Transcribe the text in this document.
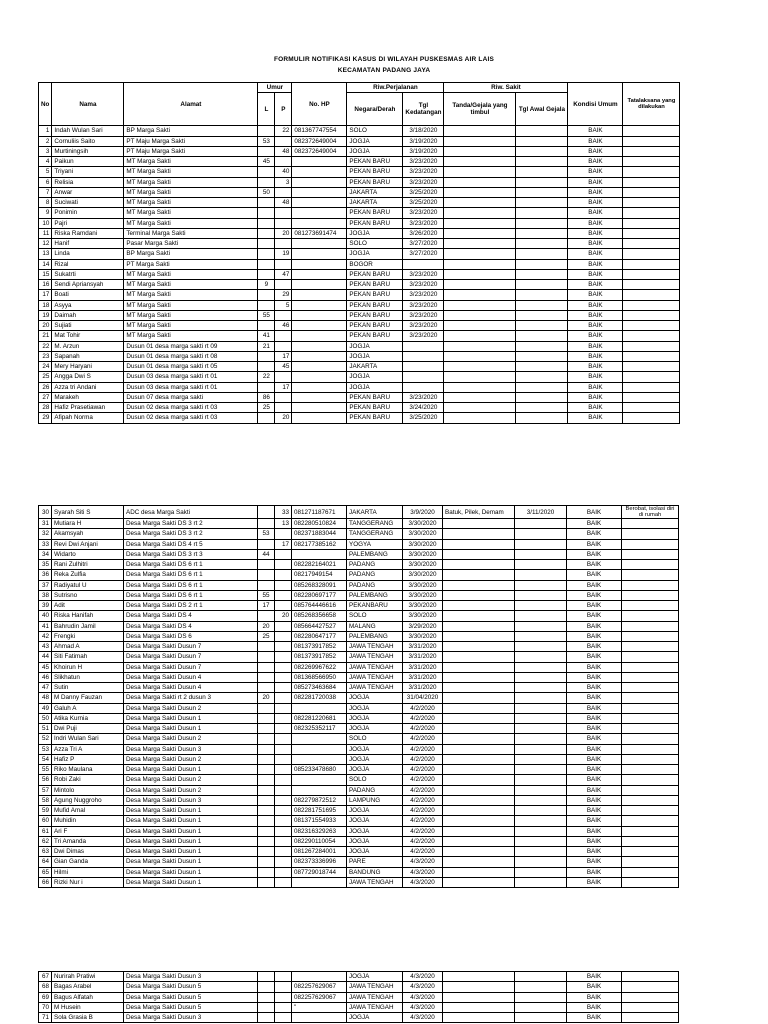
FORMULIR NOTIFIKASI KASUS DI WILAYAH PUSKESMAS AIR LAIS
KECAMATAN PADANG JAYA
No	Nama	Alamat	Umur		No. HP	Riw.Perjalanan		Riw. Sakit		Kondisi Umum	Tatalaksana yang dilakukan
			L	P		Negara/Derah	Tgl Kedatangan	Tanda/Gejala yang timbul	Tgl Awal Gejala		
1	Indah Wulan Sari	BP Marga Sakti		22	081367747554	SOLO	3/18/2020			BAIK	
2	Cornuliis Saito	PT Maju Marga Sakti	53		082372649004	JOGJA	3/19/2020			BAIK	
3	Murtiningsih	PT Maju Marga Sakti		48	082372649004	JOGJA	3/19/2020			BAIK	
4	Paikun	MT Marga Sakti	45			PEKAN BARU	3/23/2020			BAIK	
5	Triyani	MT Marga Sakti		40		PEKAN BARU	3/23/2020			BAIK	
6	Relisia	MT Marga Sakti		3		PEKAN BARU	3/23/2020			BAIK	
7	Anwar	MT Marga Sakti	50			JAKARTA	3/25/2020			BAIK	
8	Suciwati	MT Marga Sakti		48		JAKARTA	3/25/2020			BAIK	
9	Ponimin	MT Marga Sakti				PEKAN BARU	3/23/2020			BAIK	
10	Pajri	MT Marga Sakti				PEKAN BARU	3/23/2020			BAIK	
11	Riska Ramdani	Terminal Marga Sakti		20	081273691474	JOGJA	3/26/2020			BAIK	
12	Hanif	Pasar Marga Sakti				SOLO	3/27/2020			BAIK	
13	Linda	BP Marga Sakti		19		JOGJA	3/27/2020			BAIK	
14	Rizal	PT Marga Sakti				BOGOR				BAIK	
15	Sukatrti	MT Marga Sakti		47		PEKAN BARU	3/23/2020			BAIK	
16	Sendi Apriansyah	MT Marga Sakti	9			PEKAN BARU	3/23/2020			BAIK	
17	Boati	MT Marga Sakti		29		PEKAN BARU	3/23/2020			BAIK	
18	Asyya	MT Marga Sakti		5		PEKAN BARU	3/23/2020			BAIK	
19	Daimah	MT Marga Sakti	55			PEKAN BARU	3/23/2020			BAIK	
20	Sujiati	MT Marga Sakti		46		PEKAN BARU	3/23/2020			BAIK	
21	Mat Tohir	MT Marga Sakti	41			PEKAN BARU	3/23/2020			BAIK	
22	M. Arzun	Dusun 01 desa marga sakti rt 09	21			JOGJA				BAIK	
23	Sapanah	Dusun 01 desa marga sakti rt 08		17		JOGJA				BAIK	
24	Mery Haryani	Dusun 01 desa marga sakti rt 05		45		JAKARTA				BAIK	
25	Angga Dwi S	Dusun 03 desa marga sakti rt 01	22			JOGJA				BAIK	
26	Azza tri Andani	Dusun 03 desa marga sakti rt 01		17		JOGJA				BAIK	
27	Marakeh	Dusun 07 desa marga sakti	86			PEKAN BARU	3/23/2020			BAIK	
28	Hafiz Prasetiawan	Dusun 02 desa marga sakti rt 03	25			PEKAN BARU	3/24/2020			BAIK	
29	Afipah Norma	Dusun 02 desa marga sakti rt 03		20		PEKAN BARU	3/25/2020			BAIK	
30	Syarah Siti S	ADC desa Marga Sakti		33	081271187671	JAKARTA	3/9/2020	Batuk, Pilek, Demam	3/11/2020	BAIK	Berobat, isolasi diri di rumah
31	Mutiara H	Desa Marga Sakti DS 3 rt 2		13	082280510824	TANGGERANG	3/30/2020			BAIK	
32	Akamsyah	Desa Marga Sakti DS 3 rt 2	53		082371883044	TANGGERANG	3/30/2020			BAIK	
33	Revi Dwi Anjani	Desa Marga Sakti DS 4 rt 5		17	082177385162	YOGYA	3/30/2020			BAIK	
34	Widarto	Desa Marga Sakti DS 3 rt 3	44			PALEMBANG	3/30/2020			BAIK	
35	Rani Zulhitri	Desa Marga Sakti DS 6 rt 1			082282164021	PADANG	3/30/2020			BAIK	
36	Reka Zulfia	Desa Marga Sakti DS 6 rt 1			08217949154	PADANG	3/30/2020			BAIK	
37	Radiyatul U	Desa Marga Sakti DS 6 rt 1			085268328091	PADANG	3/30/2020			BAIK	
38	Sutrisno	Desa Marga Sakti DS 6 rt 1	55		082280697177	PALEMBANG	3/30/2020			BAIK	
39	Adit	Desa Marga Sakti DS 2 rt 1	17		085764446616	PEKANBARU	3/30/2020			BAIK	
40	Riska Hanifah	Desa Marga Sakti DS 4		20	085268356658	SOLO	3/30/2020			BAIK	
41	Bahrudin Jamil	Desa Marga Sakti DS 4	20		085664427527	MALANG	3/29/2020			BAIK	
42	Frengki	Desa Marga Sakti DS 6	25		082280647177	PALEMBANG	3/30/2020			BAIK	
43	Ahmad A	Desa Marga Sakti Dusun 7			081373917852	JAWA TENGAH	3/31/2020			BAIK	
44	Siti Fatimah	Desa Marga Sakti Dusun 7			081373917852	JAWA TENGAH	3/31/2020			BAIK	
45	Khoirun H	Desa Marga Sakti Dusun 7			082269967622	JAWA TENGAH	3/31/2020			BAIK	
46	Slikhatun	Desa Marga Sakti Dusun 4			081368566950	JAWA TENGAH	3/31/2020			BAIK	
47	Sutin	Desa Marga Sakti Dusun 4			085273463684	JAWA TENGAH	3/31/2020			BAIK	
48	M Danny Fauzan	Desa Marga Sakti rt 2 dusun 3	20		082281720038	JOGJA	31/04/2020			BAIK	
49	Galuh A	Desa Marga Sakti Dusun 2				JOGJA	4/2/2020			BAIK	
50	Atika Kurnia	Desa Marga Sakti Dusun 1			082281220681	JOGJA	4/2/2020			BAIK	
51	Dwi Puji	Desa Marga Sakti Dusun 1			082325352117	JOGJA	4/2/2020			BAIK	
52	Indri Wulan Sari	Desa Marga Sakti Dusun 2				SOLO	4/2/2020			BAIK	
53	Azza Tri A	Desa Marga Sakti Dusun 3				JOGJA	4/2/2020			BAIK	
54	Hafiz P	Desa Marga Sakti Dusun 2				JOGJA	4/2/2020			BAIK	
55	Riko Maulana	Desa Marga Sakti Dusun 1			085233478680	JOGJA	4/2/2020			BAIK	
56	Robi Zaki	Desa Marga Sakti Dusun 2				SOLO	4/2/2020			BAIK	
57	Mintolo	Desa Marga Sakti Dusun 2				PADANG	4/2/2020			BAIK	
58	Agung Nuggroho	Desa Marga Sakti Dusun 3			082279872512	LAMPUNG	4/2/2020			BAIK	
59	Mufid Amal	Desa Marga Sakti Dusun 1			082281751695	JOGJA	4/2/2020			BAIK	
60	Muhidin	Desa Marga Sakti Dusun 1			081371554933	JOGJA	4/2/2020			BAIK	
61	Ari F	Desa Marga Sakti Dusun 1			082316329263	JOGJA	4/2/2020			BAIK	
62	Tri Amanda	Desa Marga Sakti Dusun 1			082290110054	JOGJA	4/2/2020			BAIK	
63	Dwi Dimas	Desa Marga Sakti Dusun 1			081267284001	JOGJA	4/2/2020			BAIK	
64	Gian Ganda	Desa Marga Sakti Dusun 1			082373336996	PARE	4/3/2020			BAIK	
65	Hilmi	Desa Marga Sakti Dusun 1			087729018744	BANDUNG	4/3/2020			BAIK	
66	Rizki Nur i	Desa Marga Sakti Dusun 1				JAWA TENGAH	4/3/2020			BAIK	
67	Nurirah Pratiwi	Desa Marga Sakti Dusun 3				JOGJA	4/3/2020			BAIK	
68	Bagas Arabel	Desa Marga Sakti Dusun 5			082257629067	JAWA TENGAH	4/3/2020			BAIK	
69	Bagus Alfatah	Desa Marga Sakti Dusun 5			082257629067	JAWA TENGAH	4/3/2020			BAIK	
70	M Husein	Desa Marga Sakti Dusun 5			"	JAWA TENGAH	4/3/2020			BAIK	
71	Sola Grasia B	Desa Marga Sakti Dusun 3				JOGJA	4/3/2020			BAIK	
